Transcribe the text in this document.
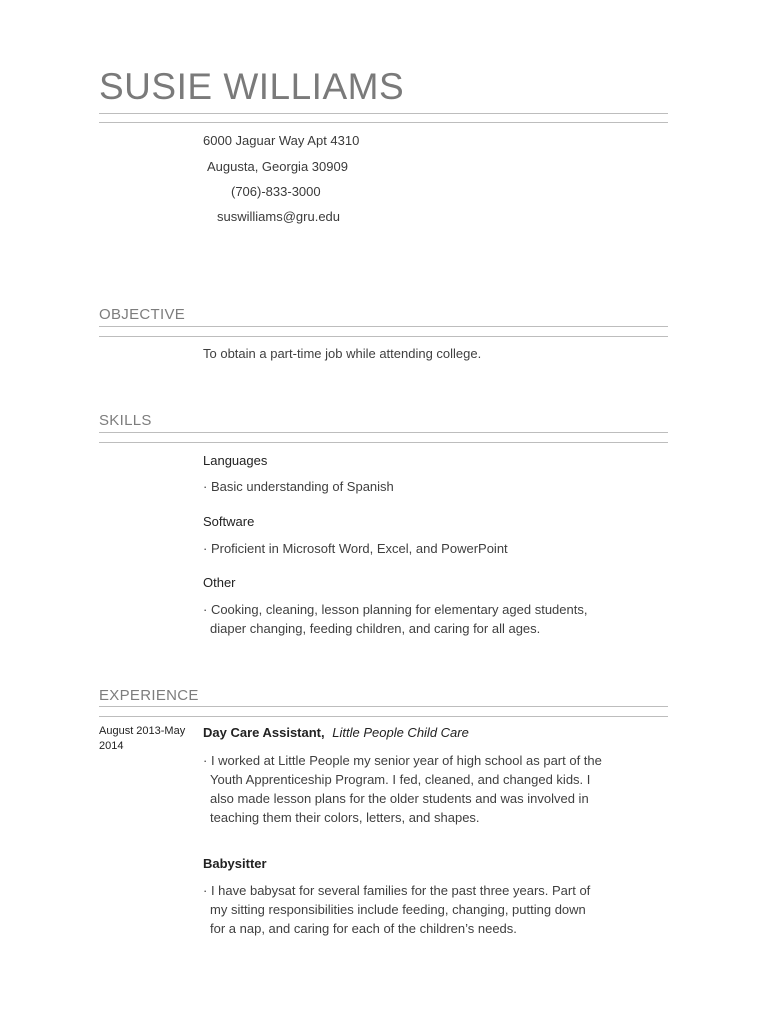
SUSIE WILLIAMS
6000 Jaguar Way Apt 4310
Augusta, Georgia 30909
(706)-833-3000
suswilliams@gru.edu
OBJECTIVE
To obtain a part-time job while attending college.
SKILLS
Languages
· Basic understanding of Spanish
Software
· Proficient in Microsoft Word, Excel, and PowerPoint
Other
· Cooking, cleaning, lesson planning for elementary aged students,
diaper changing, feeding children, and caring for all ages.
EXPERIENCE
August 2013-May
2014
Day Care Assistant, Little People Child Care
· I worked at Little People my senior year of high school as part of the
Youth Apprenticeship Program. I fed, cleaned, and changed kids. I
also made lesson plans for the older students and was involved in
teaching them their colors, letters, and shapes.
Babysitter
· I have babysat for several families for the past three years. Part of
my sitting responsibilities include feeding, changing, putting down
for a nap, and caring for each of the children’s needs.
